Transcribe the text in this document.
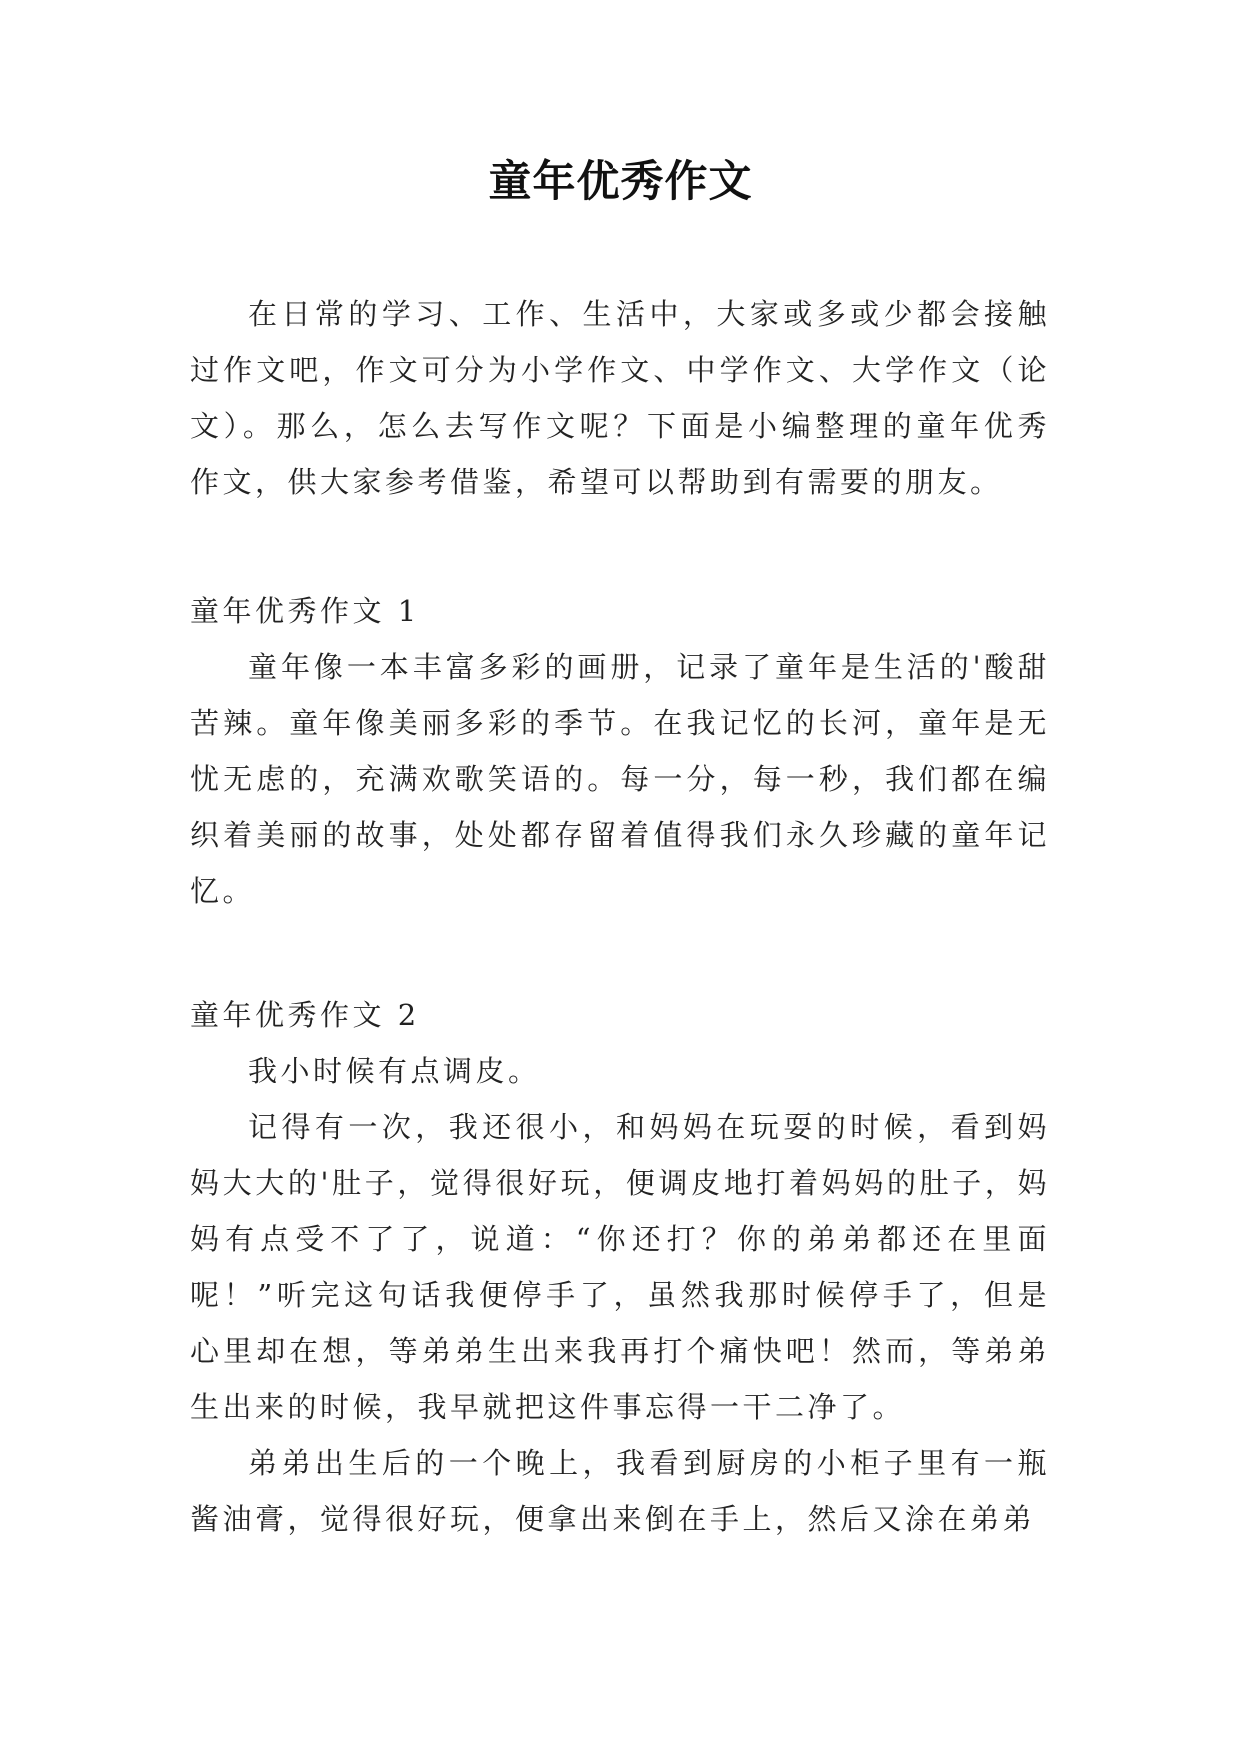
童年优秀作文

在日常的学习、工作、生活中，大家或多或少都会接触过作文吧，作文可分为小学作文、中学作文、大学作文（论文）。那么，怎么去写作文呢？下面是小编整理的童年优秀作文，供大家参考借鉴，希望可以帮助到有需要的朋友。

童年优秀作文 1

童年像一本丰富多彩的画册，记录了童年是生活的'酸甜苦辣。童年像美丽多彩的季节。在我记忆的长河，童年是无忧无虑的，充满欢歌笑语的。每一分，每一秒，我们都在编织着美丽的故事，处处都存留着值得我们永久珍藏的童年记忆。

童年优秀作文 2

我小时候有点调皮。

记得有一次，我还很小，和妈妈在玩耍的时候，看到妈妈大大的'肚子，觉得很好玩，便调皮地打着妈妈的肚子，妈妈有点受不了了，说道：“你还打？你的弟弟都还在里面呢！”听完这句话我便停手了，虽然我那时候停手了，但是心里却在想，等弟弟生出来我再打个痛快吧！然而，等弟弟生出来的时候，我早就把这件事忘得一干二净了。

弟弟出生后的一个晚上，我看到厨房的小柜子里有一瓶酱油膏，觉得很好玩，便拿出来倒在手上，然后又涂在弟弟
